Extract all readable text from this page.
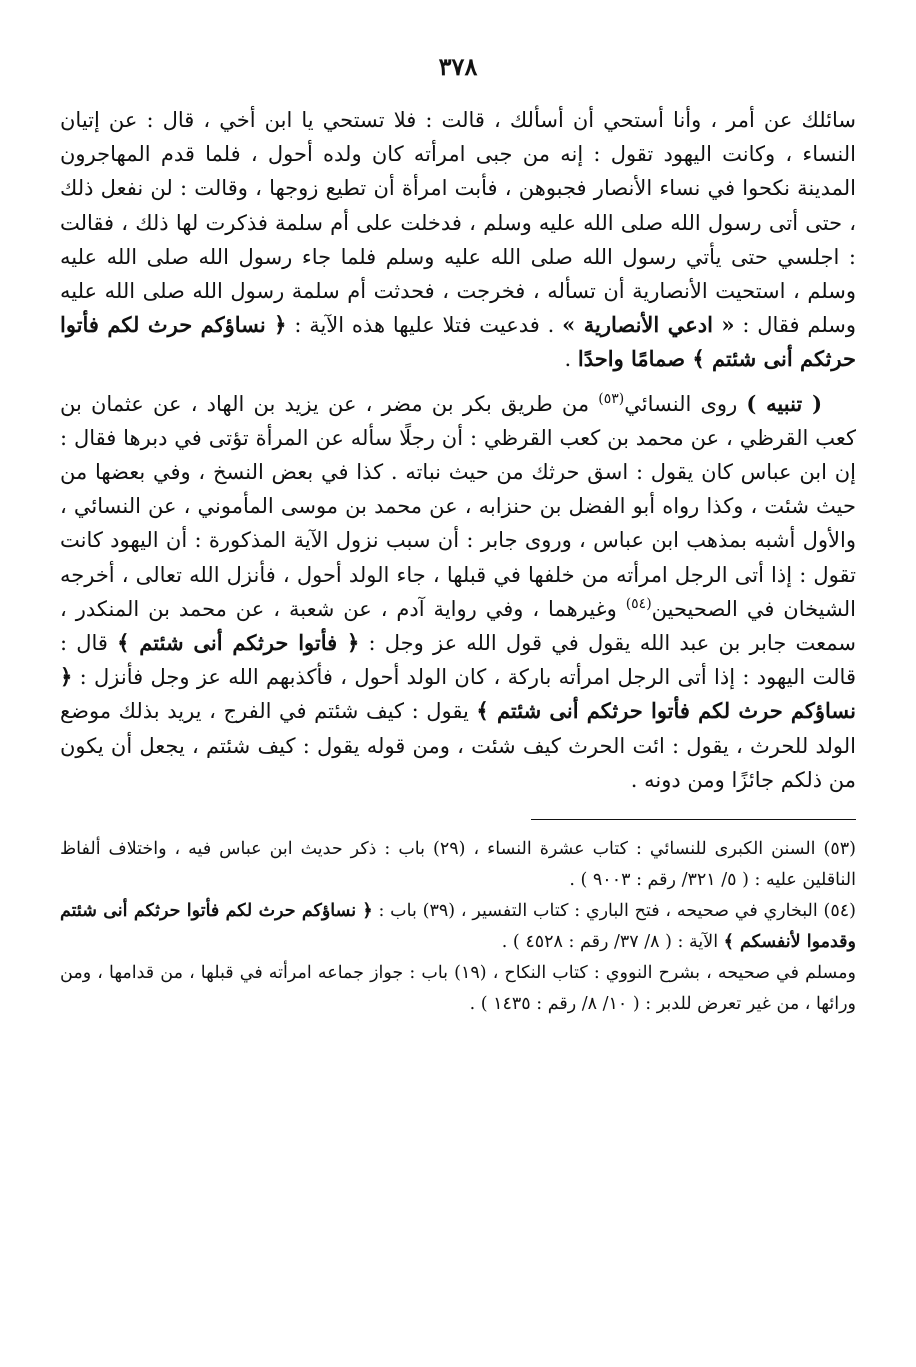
٣٧٨

سائلك عن أمر ، وأنا أستحي أن أسألك ، قالت : فلا تستحي يا ابن أخي ، قال : عن إتيان النساء ، وكانت اليهود تقول : إنه من جبى امرأته كان ولده أحول ، فلما قدم المهاجرون المدينة نكحوا في نساء الأنصار فجبوهن ، فأبت امرأة أن تطيع زوجها ، وقالت : لن نفعل ذلك ، حتى أتى رسول الله صلى الله عليه وسلم ، فدخلت على أم سلمة فذكرت لها ذلك ، فقالت : اجلسي حتى يأتي رسول الله صلى الله عليه وسلم فلما جاء رسول الله صلى الله عليه وسلم ، استحيت الأنصارية أن تسأله ، فخرجت ، فحدثت أم سلمة رسول الله صلى الله عليه وسلم فقال : « ادعي الأنصارية » . فدعيت فتلا عليها هذه الآية : ﴿ نساؤكم حرث لكم فأتوا حرثكم أنى شئتم ﴾ صمامًا واحدًا .

( تنبيه ) روى النسائي$^{(٥٣)}$ من طريق بكر بن مضر ، عن يزيد بن الهاد ، عن عثمان بن كعب القرظي ، عن محمد بن كعب القرظي : أن رجلًا سأله عن المرأة تؤتى في دبرها فقال : إن ابن عباس كان يقول : اسق حرثك من حيث نباته . كذا في بعض النسخ ، وفي بعضها من حيث شئت ، وكذا رواه أبو الفضل بن حنزابه ، عن محمد بن موسى المأموني ، عن النسائي ، والأول أشبه بمذهب ابن عباس ، وروى جابر : أن سبب نزول الآية المذكورة : أن اليهود كانت تقول : إذا أتى الرجل امرأته من خلفها في قبلها ، جاء الولد أحول ، فأنزل الله تعالى ، أخرجه الشيخان في الصحيحين$^{(٥٤)}$ وغيرهما ، وفي رواية آدم ، عن شعبة ، عن محمد بن المنكدر ، سمعت جابر بن عبد الله يقول في قول الله عز وجل : ﴿ فأتوا حرثكم أنى شئتم ﴾ قال : قالت اليهود : إذا أتى الرجل امرأته باركة ، كان الولد أحول ، فأكذبهم الله عز وجل فأنزل : ﴿ نساؤكم حرث لكم فأتوا حرثكم أنى شئتم ﴾ يقول : كيف شئتم في الفرج ، يريد بذلك موضع الولد للحرث ، يقول : ائت الحرث كيف شئت ، ومن قوله يقول : كيف شئتم ، يجعل أن يكون من ذلكم جائزًا ومن دونه .

(٥٣) السنن الكبرى للنسائي : كتاب عشرة النساء ، (٢٩) باب : ذكر حديث ابن عباس فيه ، واختلاف ألفاظ الناقلين عليه : ( ٥/ ٣٢١/ رقم : ٩٠٠٣ ) .

(٥٤) البخاري في صحيحه ، فتح الباري : كتاب التفسير ، (٣٩) باب : ﴿ نساؤكم حرث لكم فأتوا حرثكم أنى شئتم وقدموا لأنفسكم ﴾ الآية : ( ٨/ ٣٧/ رقم : ٤٥٢٨ ) .

ومسلم في صحيحه ، بشرح النووي : كتاب النكاح ، (١٩) باب : جواز جماعه امرأته في قبلها ، من قدامها ، ومن ورائها ، من غير تعرض للدبر : ( ١٠/ ٨/ رقم : ١٤٣٥ ) .
